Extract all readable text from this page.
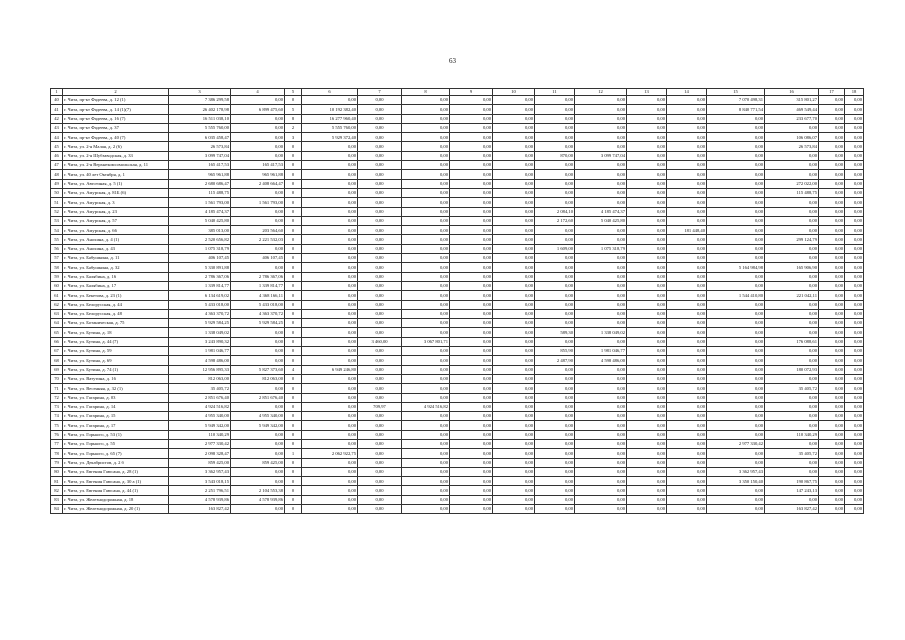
63
1	2	3	4	5	6	7	8	9	10	11	12	13	14	15	16	17	18
40	г. Чита, пр-кт Фадеева, д. 12 (1)	7 386 299,58	0,00	0	0,00	0,00	0,00	0,00	0,00	0,00	0,00	0,00	0,00	7 070 498,31	315 801,27	0,00	0,00
41	г. Чита, пр-кт Фадеева, д. 14 (1)(7)	26 402 178,98	6 899 475,60	5	10 192 382,40	0,00	0,00	0,00	0,00	0,00	0,00	0,00	0,00	8 840 771,54	469 549,44	0,00	0,00
42	г. Чита, пр-кт Фадеева, д. 16 (7)	16 511 038,10	0,00	8	16 277 960,40	0,00	0,00	0,00	0,00	0,00	0,00	0,00	0,00	0,00	233 677,70	0,00	0,00
43	г. Чита, пр-кт Фадеева, д. 37	5 555 760,00	0,00	2	5 555 760,00	0,00	0,00	0,00	0,00	0,00	0,00	0,00	0,00	0,00	0,00	0,00	0,00
44	г. Чита, пр-кт Фадеева, д. 40 (7)	6 035 458,47	0,00	3	5 929 372,40	0,00	0,00	0,00	0,00	0,00	0,00	0,00	0,00	0,00	106 086,07	0,00	0,00
45	г. Чита, ул. 2-я Малая, д. 2 (6)	26 573,84	0,00	0	0,00	0,00	0,00	0,00	0,00	0,00	0,00	0,00	0,00	0,00	26 573,84	0,00	0,00
46	г. Чита, ул. 2-я Шубзаводская, д. 33	3 099 747,04	0,00	0	0,00	0,00	0,00	0,00	0,00	870,00	3 099 747,04	0,00	0,00	0,00	0,00	0,00	0,00
47	г. Чита, ул. 2-я Верхнекомсомольская, д. 11	165 417,53	165 417,53	0	0,00	0,00	0,00	0,00	0,00	0,00	0,00	0,00	0,00	0,00	0,00	0,00	0,00
48	г. Чита, ул. 40 лет Октября, д. 1	965 961,88	965 961,88	0	0,00	0,00	0,00	0,00	0,00	0,00	0,00	0,00	0,00	0,00	0,00	0,00	0,00
49	г. Чита, ул. Автозчная, д. 5 (1)	2 680 686,47	2 408 664,47	0	0,00	0,00	0,00	0,00	0,00	0,00	0,00	0,00	0,00	0,00	272 022,00	0,00	0,00
50	г. Чита, ул. Амурская, д. 81Б (6)	115 488,75	0,00	0	0,00	0,00	0,00	0,00	0,00	0,00	0,00	0,00	0,00	0,00	115 488,75	0,00	0,00
51	г. Чита, ул. Амурская, д. 3	1 561 793,00	1 561 793,00	0	0,00	0,00	0,00	0,00	0,00	0,00	0,00	0,00	0,00	0,00	0,00	0,00	0,00
52	г. Чита, ул. Амурская, д. 23	4 185 474,37	0,00	0	0,00	0,00	0,00	0,00	0,00	2 084,10	4 185 474,37	0,00	0,00	0,00	0,00	0,00	0,00
53	г. Чита, ул. Амурская, д. 57	5 040 425,80	0,00	0	0,00	0,00	0,00	0,00	0,00	2 172,60	5 040 425,80	0,00	0,00	0,00	0,00	0,00	0,00
54	г. Чита, ул. Амурская, д. 66	385 013,00	203 564,60	0	0,00	0,00	0,00	0,00	0,00	0,00	0,00	0,00	181 448,40	0,00	0,00	0,00	0,00
55	г. Чита, ул. Анохина, д. 4 (1)	2 520 656,82	2 221 532,03	0	0,00	0,00	0,00	0,00	0,00	0,00	0,00	0,00	0,00	0,00	299 124,79	0,00	0,00
56	г. Чита, ул. Анохина, д. 43	1 075 318,79	0,00	0	0,00	0,00	0,00	0,00	0,00	1 609,00	1 075 318,79	0,00	0,00	0,00	0,00	0,00	0,00
57	г. Чита, ул. Бабушкина, д. 11	406 107,45	406 107,45	0	0,00	0,00	0,00	0,00	0,00	0,00	0,00	0,00	0,00	0,00	0,00	0,00	0,00
58	г. Чита, ул. Бабушкина, д. 32	5 330 891,88	0,00	0	0,00	0,00	0,00	0,00	0,00	0,00	0,00	0,00	0,00	5 164 984,98	165 906,90	0,00	0,00
59	г. Чита, ул. Балябина, д. 16	2 786 367,06	2 786 367,06	0	0,00	0,00	0,00	0,00	0,00	0,00	0,00	0,00	0,00	0,00	0,00	0,00	0,00
60	г. Чита, ул. Балябина, д. 17	1 339 814,77	1 339 814,77	0	0,00	0,00	0,00	0,00	0,00	0,00	0,00	0,00	0,00	0,00	0,00	0,00	0,00
61	г. Чита, ул. Бекетова, д. 23 (1)	6 134 619,02	4 368 166,11	0	0,00	0,00	0,00	0,00	0,00	0,00	0,00	0,00	0,00	1 544 410,80	221 042,11	0,00	0,00
62	г. Чита, ул. Белорусская, д. 44	5 433 018,00	5 433 018,00	0	0,00	0,00	0,00	0,00	0,00	0,00	0,00	0,00	0,00	0,00	0,00	0,00	0,00
63	г. Чита, ул. Белорусская, д. 48	4 363 370,72	4 363 370,72	0	0,00	0,00	0,00	0,00	0,00	0,00	0,00	0,00	0,00	0,00	0,00	0,00	0,00
64	г. Чита, ул. Ботаническая, д. 75	5 929 584,25	5 929 584,25	0	0,00	0,00	0,00	0,00	0,00	0,00	0,00	0,00	0,00	0,00	0,00	0,00	0,00
65	г. Чита, ул. Бутина, д. 18	1 338 049,02	0,00	0	0,00	0,00	0,00	0,00	0,00	589,30	1 338 049,02	0,00	0,00	0,00	0,00	0,00	0,00
66	г. Чита, ул. Бутина, д. 44 (7)	3 243 890,32	0,00	0	0,00	3 460,00	3 067 801,71	0,00	0,00	0,00	0,00	0,00	0,00	0,00	176 088,61	0,00	0,00
67	г. Чита, ул. Бутина, д. 59	1 981 046,77	0,00	0	0,00	0,00	0,00	0,00	0,00	855,90	1 981 046,77	0,00	0,00	0,00	0,00	0,00	0,00
68	г. Чита, ул. Бутина, д. 69	4 598 486,00	0,00	0	0,00	0,00	0,00	0,00	0,00	2 487,90	4 598 486,00	0,00	0,00	0,00	0,00	0,00	0,00
69	г. Чита, ул. Бутина, д. 74 (1)	12 956 895,33	5 827 373,60	4	6 949 246,80	0,00	0,00	0,00	0,00	0,00	0,00	0,00	0,00	0,00	180 072,93	0,00	0,00
70	г. Чита, ул. Ватутина, д. 16	812 063,00	812 063,00	0	0,00	0,00	0,00	0,00	0,00	0,00	0,00	0,00	0,00	0,00	0,00	0,00	0,00
71	г. Чита, ул. Весенняя, д. 32 (1)	35 405,72	0,00	0	0,00	0,00	0,00	0,00	0,00	0,00	0,00	0,00	0,00	0,00	35 405,72	0,00	0,00
72	г. Чита, ул. Гагарина, д. 03	2 851 676,40	2 851 676,40	0	0,00	0,00	0,00	0,00	0,00	0,00	0,00	0,00	0,00	0,00	0,00	0,00	0,00
73	г. Чита, ул. Гагарина, д. 14	4 924 516,82	0,00	0	0,00	709,97	4 924 516,82	0,00	0,00	0,00	0,00	0,00	0,00	0,00	0,00	0,00	0,00
74	г. Чита, ул. Гагарина, д. 15	4 955 340,00	4 955 340,00	0	0,00	0,00	0,00	0,00	0,00	0,00	0,00	0,00	0,00	0,00	0,00	0,00	0,00
75	г. Чита, ул. Гагарина, д. 17	5 949 342,00	5 949 342,00	0	0,00	0,00	0,00	0,00	0,00	0,00	0,00	0,00	0,00	0,00	0,00	0,00	0,00
76	г. Чита, ул. Горького, д. 53 (1)	110 340,29	0,00	0	0,00	0,00	0,00	0,00	0,00	0,00	0,00	0,00	0,00	0,00	110 340,29	0,00	0,00
77	г. Чита, ул. Горького, д. 55	2 977 330,42	0,00	0	0,00	0,00	0,00	0,00	0,00	0,00	0,00	0,00	0,00	2 977 330,42	0,00	0,00	0,00
78	г. Чита, ул. Горького, д. 65 (7)	2 098 328,47	0,00	1	2 062 922,75	0,00	0,00	0,00	0,00	0,00	0,00	0,00	0,00	0,00	35 405,72	0,00	0,00
79	г. Чита, ул. Декабристов, д. 2 б	859 425,00	859 425,00	0	0,00	0,00	0,00	0,00	0,00	0,00	0,00	0,00	0,00	0,00	0,00	0,00	0,00
80	г. Чита, ул. Евгения Гаюсана, д. 28 (1)	3 362 957,43	0,00	0	0,00	0,00	0,00	0,00	0,00	0,00	0,00	0,00	0,00	3 362 957,43	0,00	0,00	0,00
81	г. Чита, ул. Евгения Гаюсана, д. 30 а (1)	3 543 018,15	0,00	0	0,00	0,00	0,00	0,00	0,00	0,00	0,00	0,00	0,00	3 350 150,40	190 867,75	0,00	0,00
82	г. Чита, ул. Евгения Гаюсана, д. 44 (1)	2 251 796,51	2 104 553,38	0	0,00	0,00	0,00	0,00	0,00	0,00	0,00	0,00	0,00	0,00	147 243,13	0,00	0,00
83	г. Чита, ул. Железнодорожная, д. 18	4 578 939,86	4 578 939,86	0	0,00	0,00	0,00	0,00	0,00	0,00	0,00	0,00	0,00	0,00	0,00	0,00	0,00
84	г. Чита, ул. Железнодорожная, д. 20 (1)	163 827,42	0,00	0	0,00	0,00	0,00	0,00	0,00	0,00	0,00	0,00	0,00	0,00	163 827,42	0,00	0,00
